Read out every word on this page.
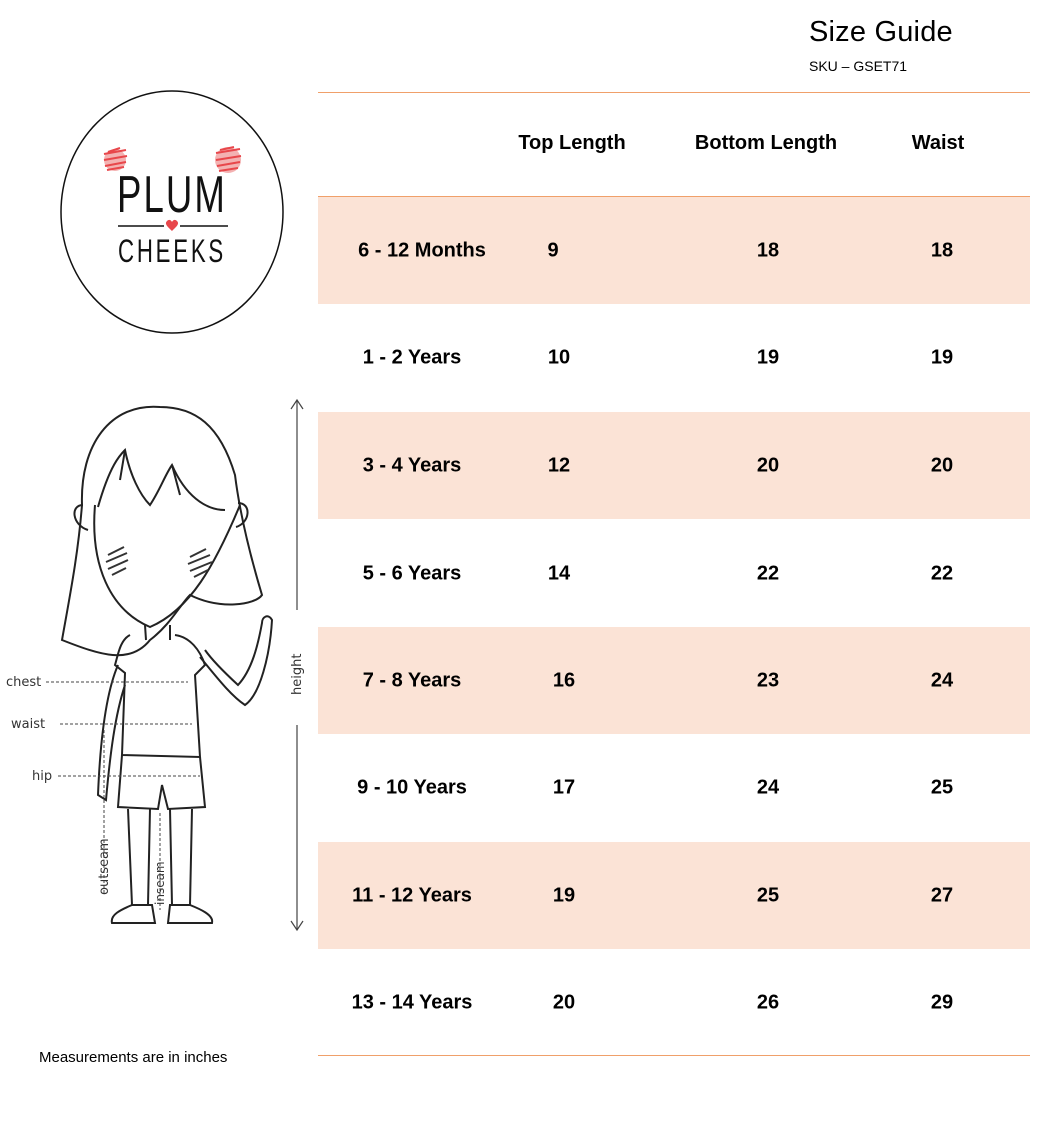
Size Guide
SKU – GSET71
PLUM
CHEEKS
chest
waist
hip
outseam	inseam
height
Top Length	Bottom Length	Waist
6 - 12 Months	9	18	18
1 - 2 Years	10	19	19
3 - 4 Years	12	20	20
5 - 6 Years	14	22	22
7 - 8 Years	16	23	24
9 - 10 Years	17	24	25
11 - 12 Years	19	25	27
13 - 14 Years	20	26	29
Measurements are in inches
